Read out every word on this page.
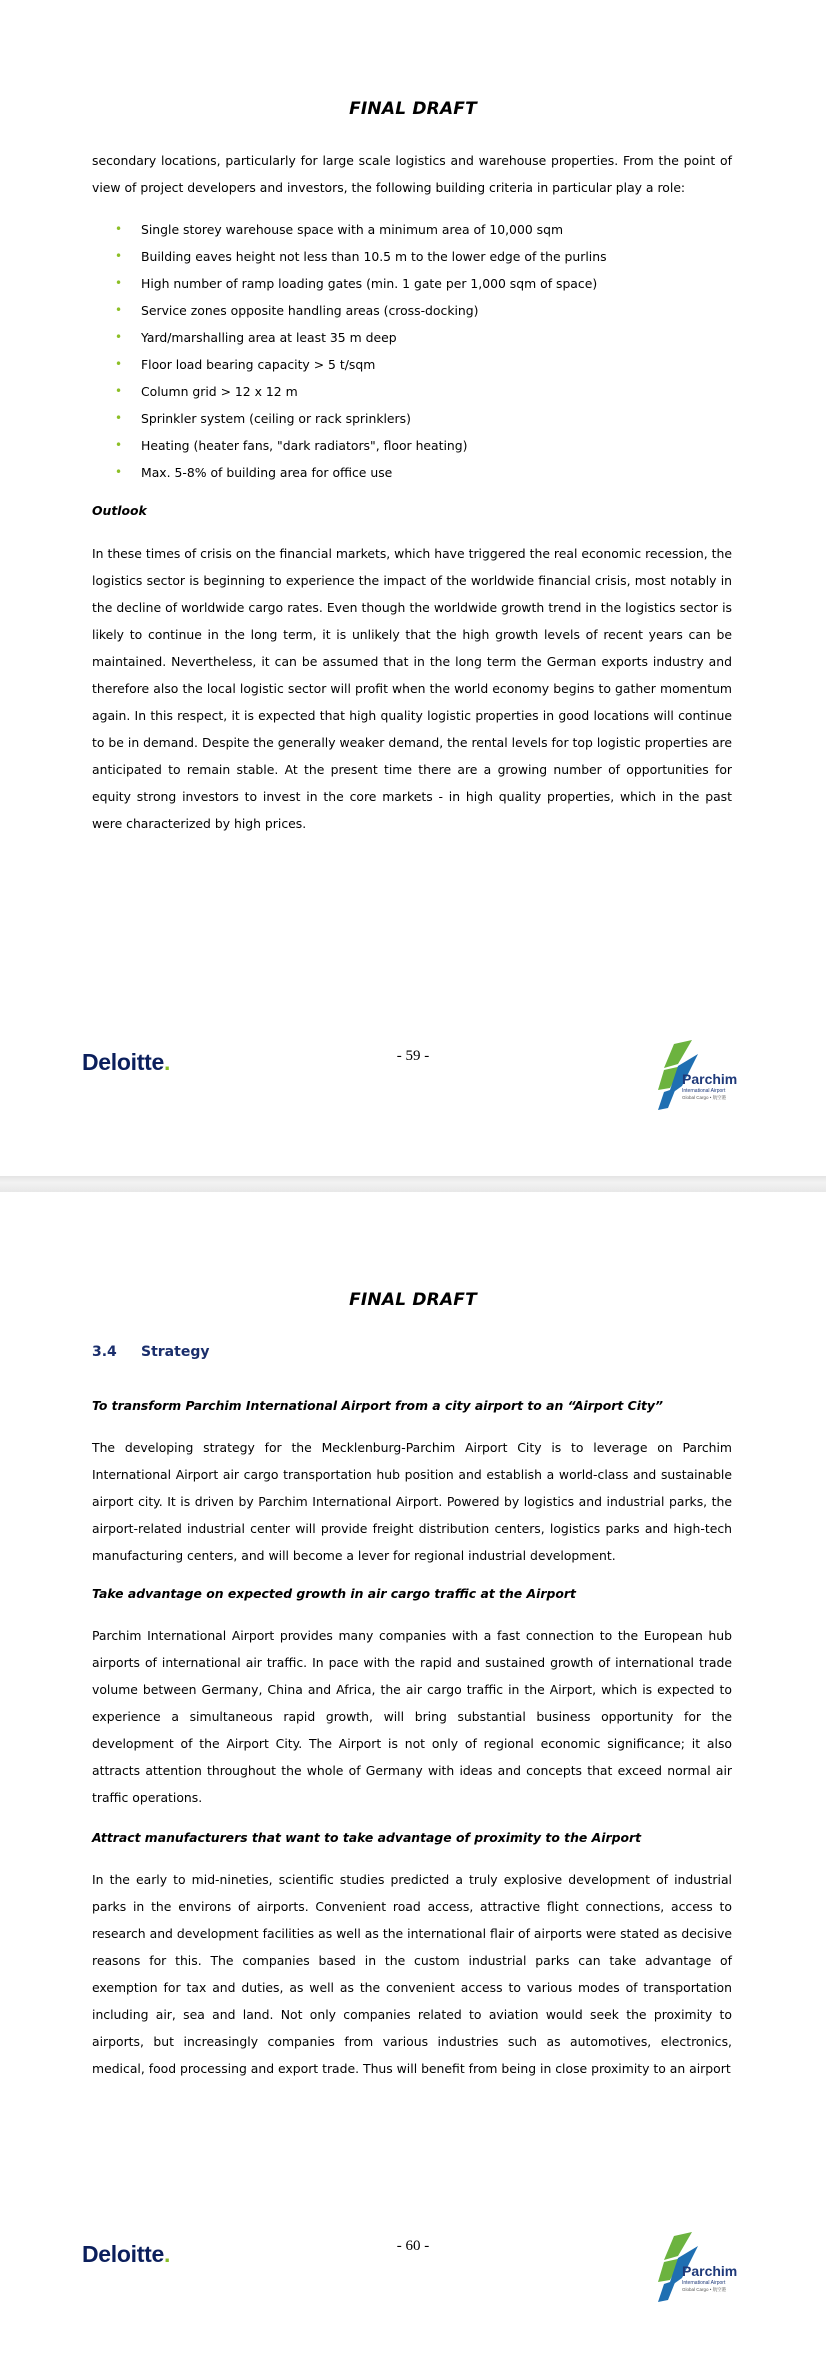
FINAL DRAFT

secondary locations, particularly for large scale logistics and warehouse properties. From the point of view of project developers and investors, the following building criteria in particular play a role:

• Single storey warehouse space with a minimum area of 10,000 sqm
• Building eaves height not less than 10.5 m to the lower edge of the purlins
• High number of ramp loading gates (min. 1 gate per 1,000 sqm of space)
• Service zones opposite handling areas (cross-docking)
• Yard/marshalling area at least 35 m deep
• Floor load bearing capacity > 5 t/sqm
• Column grid > 12 x 12 m
• Sprinkler system (ceiling or rack sprinklers)
• Heating (heater fans, "dark radiators", floor heating)
• Max. 5-8% of building area for office use
Outlook

In these times of crisis on the financial markets, which have triggered the real economic recession, the logistics sector is beginning to experience the impact of the worldwide financial crisis, most notably in the decline of worldwide cargo rates. Even though the worldwide growth trend in the logistics sector is likely to continue in the long term, it is unlikely that the high growth levels of recent years can be maintained. Nevertheless, it can be assumed that in the long term the German exports industry and therefore also the local logistic sector will profit when the world economy begins to gather momentum again. In this respect, it is expected that high quality logistic properties in good locations will continue to be in demand. Despite the generally weaker demand, the rental levels for top logistic properties are anticipated to remain stable. At the present time there are a growing number of opportunities for equity strong investors to invest in the core markets - in high quality properties, which in the past were characterized by high prices.

Deloitte.	- 59 -
Parchim
International Airport
Global Cargo • 航空港
FINAL DRAFT
3.4 Strategy
To transform Parchim International Airport from a city airport to an “Airport City”

The developing strategy for the Mecklenburg-Parchim Airport City is to leverage on Parchim International Airport air cargo transportation hub position and establish a world-class and sustainable airport city. It is driven by Parchim International Airport. Powered by logistics and industrial parks, the airport-related industrial center will provide freight distribution centers, logistics parks and high-tech manufacturing centers, and will become a lever for regional industrial development.

Take advantage on expected growth in air cargo traffic at the Airport

Parchim International Airport provides many companies with a fast connection to the European hub airports of international air traffic. In pace with the rapid and sustained growth of international trade volume between Germany, China and Africa, the air cargo traffic in the Airport, which is expected to experience a simultaneous rapid growth, will bring substantial business opportunity for the development of the Airport City. The Airport is not only of regional economic significance; it also attracts attention throughout the whole of Germany with ideas and concepts that exceed normal air traffic operations.

Attract manufacturers that want to take advantage of proximity to the Airport

In the early to mid-nineties, scientific studies predicted a truly explosive development of industrial parks in the environs of airports. Convenient road access, attractive flight connections, access to research and development facilities as well as the international flair of airports were stated as decisive reasons for this. The companies based in the custom industrial parks can take advantage of exemption for tax and duties, as well as the convenient access to various modes of transportation including air, sea and land. Not only companies related to aviation would seek the proximity to airports, but increasingly companies from various industries such as automotives, electronics, medical, food processing and export trade. Thus will benefit from being in close proximity to an airport

Deloitte.	- 60 -
Parchim
International Airport
Global Cargo • 航空港
